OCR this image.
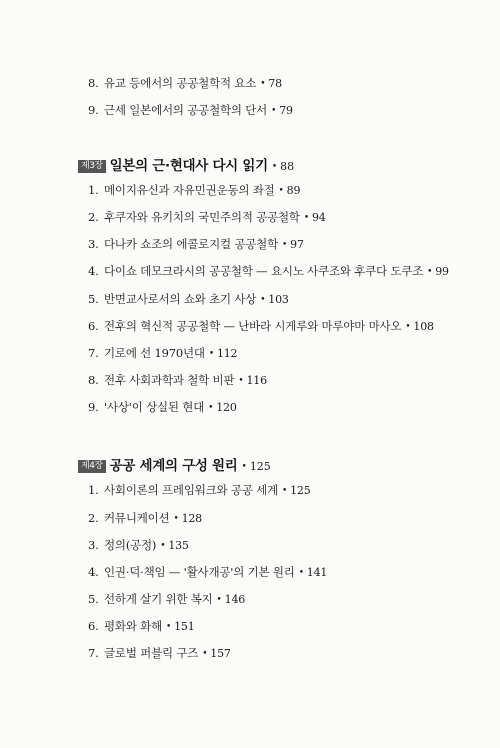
8. 유교 등에서의 공공철학적 요소 • 78
9. 근세 일본에서의 공공철학의 단서 • 79
제3장 일본의 근·현대사 다시 읽기 • 88
1. 메이지유신과 자유민권운동의 좌절 • 89
2. 후쿠자와 유키치의 국민주의적 공공철학 • 94
3. 다나카 쇼조의 에콜로지컬 공공철학 • 97
4. 다이쇼 데모크라시의 공공철학 — 요시노 사쿠조와 후쿠다 도쿠조 • 99
5. 반면교사로서의 쇼와 초기 사상 • 103
6. 전후의 혁신적 공공철학 — 난바라 시게루와 마루야마 마사오 • 108
7. 기로에 선 1970년대 • 112
8. 전후 사회과학과 철학 비판 • 116
9. '사상'이 상실된 현대 • 120
제4장 공공 세계의 구성 원리 • 125
1. 사회이론의 프레임워크와 공공 세계 • 125
2. 커뮤니케이션 • 128
3. 정의(공정) • 135
4. 인권·덕·책임 — '활사개공'의 기본 원리 • 141
5. 선하게 살기 위한 복지 • 146
6. 평화와 화해 • 151
7. 글로벌 퍼블릭 구즈 • 157
